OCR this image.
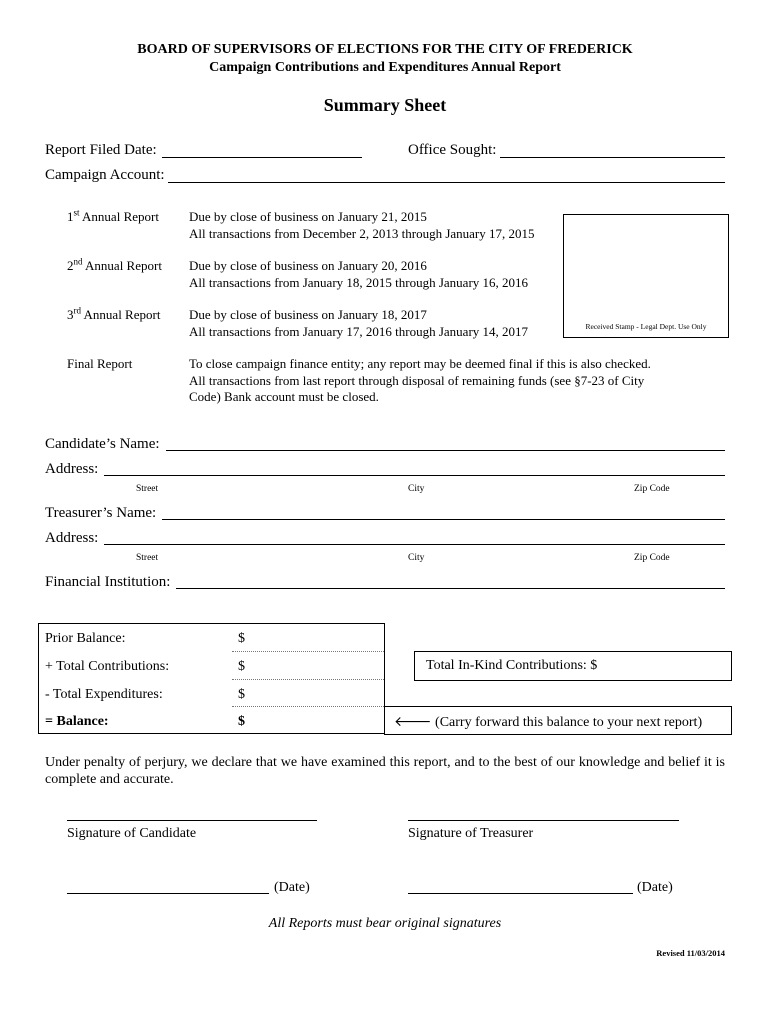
BOARD OF SUPERVISORS OF ELECTIONS FOR THE CITY OF FREDERICK
Campaign Contributions and Expenditures Annual Report
Summary Sheet
Report Filed Date:	Office Sought:
Campaign Account:
1st Annual Report Due by close of business on January 21, 2015
All transactions from December 2, 2013 through January 17, 2015
2nd Annual Report Due by close of business on January 20, 2016
All transactions from January 18, 2015 through January 16, 2016
3rd Annual Report Due by close of business on January 18, 2017
All transactions from January 17, 2016 through January 14, 2017
Final Report	To close campaign finance entity; any report may be deemed final if this is also checked.
All transactions from last report through disposal of remaining funds (see §7-23 of City
Code) Bank account must be closed.
Received Stamp - Legal Dept. Use Only
Candidate’s Name:
Address:
Street	City	Zip Code
Treasurer’s Name:
Address:
Street	City	Zip Code
Financial Institution:
Prior Balance:	$
+ Total Contributions:	$
- Total Expenditures:	$
= Balance:	$
Total In-Kind Contributions: $
🡐 (Carry forward this balance to your next report)
Under penalty of perjury, we declare that we have examined this report, and to the best of our knowledge and belief it is complete and accurate.
Signature of Candidate	Signature of Treasurer
(Date)	(Date)
All Reports must bear original signatures
Revised 11/03/2014
